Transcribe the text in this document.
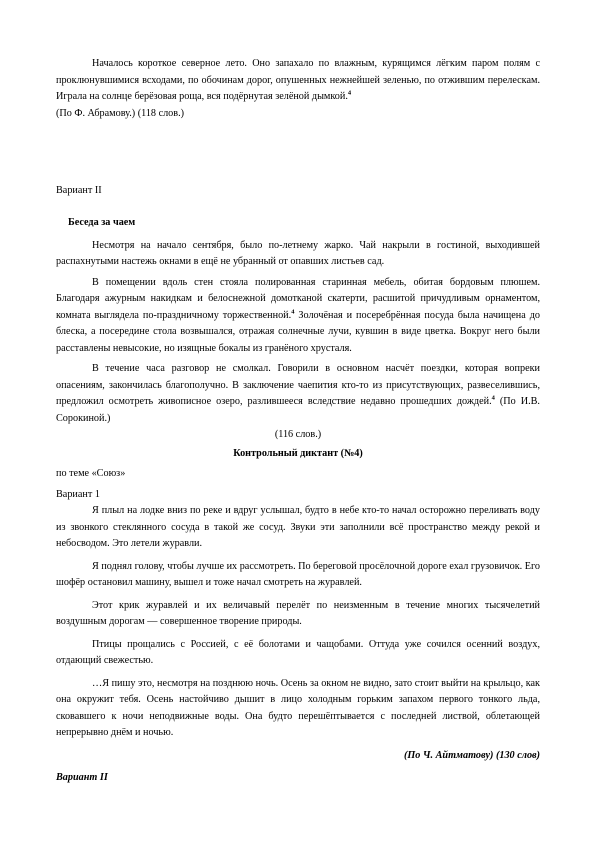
Началось короткое северное лето. Оно запахало по влажным, курящимся лёгким паром полям с проклюнувшимися всходами, по обочинам дорог, опушенных нежнейшей зеленью, по отжившим перелескам. Играла на солнце берёзовая роща, вся подёрнутая зелёной дымкой.$^4$

(По Ф. Абрамову.) (118 слов.)

Вариант II

Беседа за чаем

Несмотря на начало сентября, было по-летнему жарко. Чай накрыли в гостиной, выходившей распахнутыми настежь окнами в ещё не убранный от опавших листьев сад.

В помещении вдоль стен стояла полированная старинная мебель, обитая бордовым плюшем. Благодаря ажурным накидкам и белоснежной домотканой скатерти, расшитой причудливым орнаментом, комната выглядела по-праздничному торжественной.$^4$ Золочёная и посеребрённая посуда была начищена до блеска, а посередине стола возвышался, отражая солнечные лучи, кувшин в виде цветка. Вокруг него были расставлены невысокие, но изящные бокалы из гранёного хрусталя.

В течение часа разговор не смолкал. Говорили в основном насчёт поездки, которая вопреки опасениям, закончилась благополучно. В заключение чаепития кто-то из присутствующих, развеселившись, предложил осмотреть живописное озеро, разлившееся вследствие недавно прошедших дождей.$^4$ (По И.В. Сорокиной.)

(116 слов.)

Контрольный диктант (№4)

по теме «Союз»

Вариант 1

Я плыл на лодке вниз по реке и вдруг услышал, будто в небе кто-то начал осторожно переливать воду из звонкого стеклянного сосуда в такой же сосуд. Звуки эти заполнили всё пространство между рекой и небосводом. Это летели журавли.

Я поднял голову, чтобы лучше их рассмотреть. По береговой просёлочной дороге ехал грузовичок. Его шофёр остановил машину, вышел и тоже начал смотреть на журавлей.

Этот крик журавлей и их величавый перелёт по неизменным в течение многих тысячелетий воздушным дорогам — совершенное творение природы.

Птицы прощались с Россией, с её болотами и чащобами. Оттуда уже сочился осенний воздух, отдающий свежестью.

…Я пишу это, несмотря на позднюю ночь. Осень за окном не видно, зато стоит выйти на крыльцо, как она окружит тебя. Осень настойчиво дышит в лицо холодным горьким запахом первого тонкого льда, сковавшего к ночи неподвижные воды. Она будто перешёптывается с последней листвой, облетающей непрерывно днём и ночью.

(По Ч. Айтматову) (130 слов)

Вариант II
